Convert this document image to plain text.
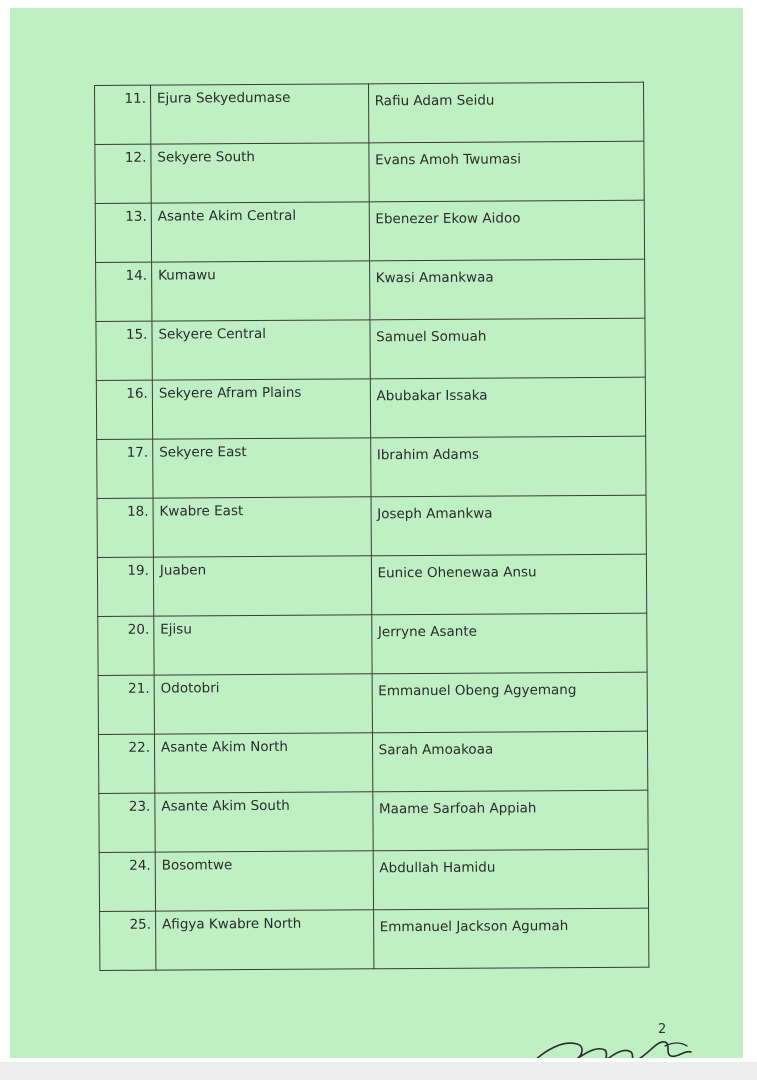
11.	Ejura Sekyedumase	Rafiu Adam Seidu
12.	Sekyere South	Evans Amoh Twumasi
13.	Asante Akim Central	Ebenezer Ekow Aidoo
14.	Kumawu	Kwasi Amankwaa
15.	Sekyere Central	Samuel Somuah
16.	Sekyere Afram Plains	Abubakar Issaka
17.	Sekyere East	Ibrahim Adams
18.	Kwabre East	Joseph Amankwa
19.	Juaben	Eunice Ohenewaa Ansu
20.	Ejisu	Jerryne Asante
21.	Odotobri	Emmanuel Obeng Agyemang
22.	Asante Akim North	Sarah Amoakoaa
23.	Asante Akim South	Maame Sarfoah Appiah
24.	Bosomtwe	Abdullah Hamidu
25.	Afigya Kwabre North	Emmanuel Jackson Agumah
2
